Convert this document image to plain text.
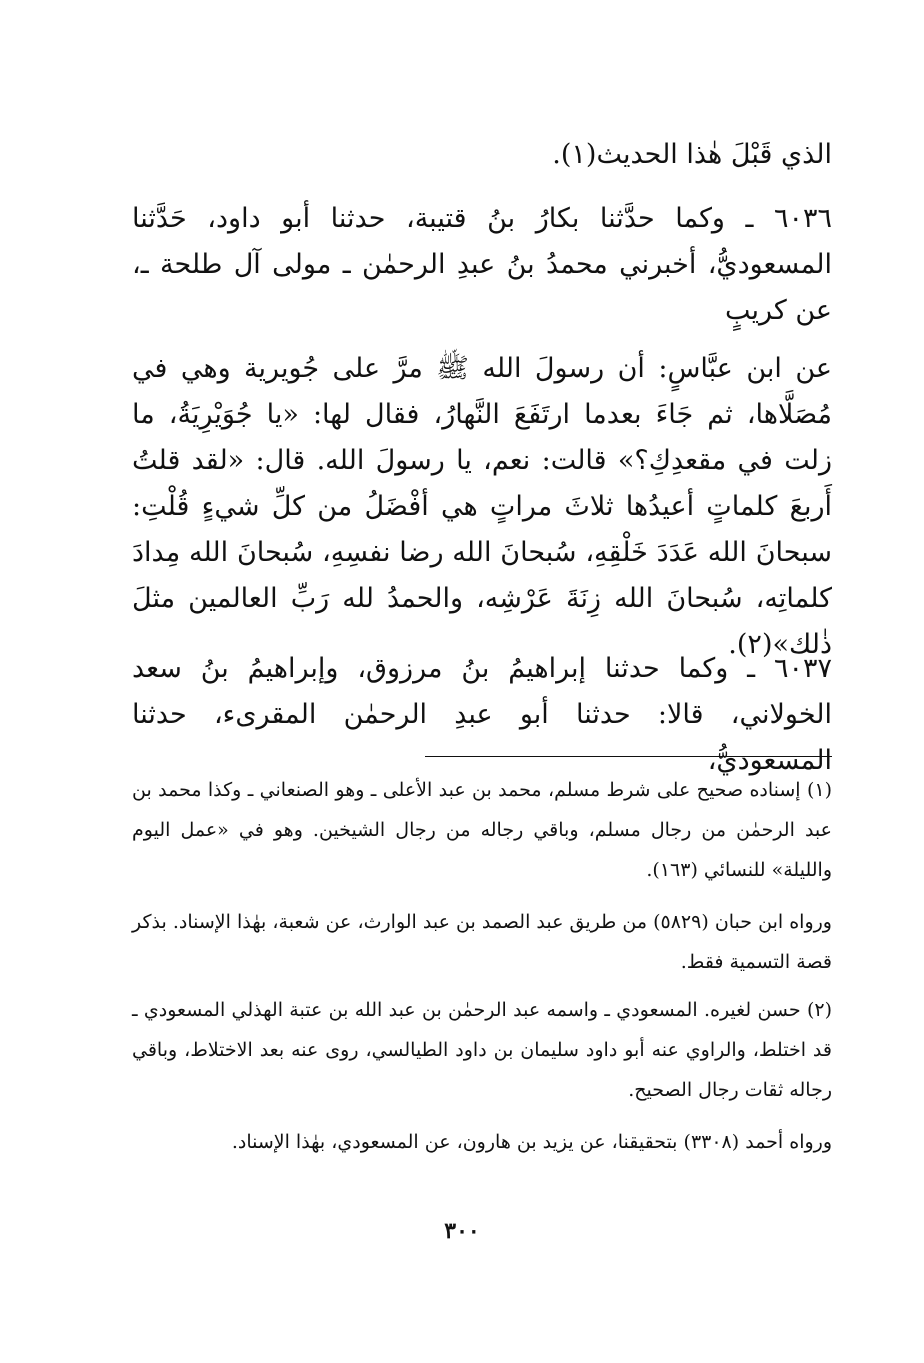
الذي قَبْلَ هٰذا الحديث(١).

٦٠٣٦ ـ وكما حدَّثنا بكارُ بنُ قتيبة، حدثنا أبو داود، حَدَّثنا المسعوديُّ، أخبرني محمدُ بنُ عبدِ الرحمٰن ـ مولى آل طلحة ـ، عن كريبٍ

عن ابن عبَّاسٍ: أن رسولَ الله ﷺ مرَّ على جُويرية وهي في مُصَلَّاها، ثم جَاءَ بعدما ارتَفَعَ النَّهارُ، فقال لها: «يا جُوَيْرِيَةُ، ما زلت في مقعدِكِ؟» قالت: نعم، يا رسولَ الله. قال: «لقد قلتُ أَربعَ كلماتٍ أعيدُها ثلاثَ مراتٍ هي أفْضَلُ من كلِّ شيءٍ قُلْتِ: سبحانَ الله عَدَدَ خَلْقِهِ، سُبحانَ الله رضا نفسِهِ، سُبحانَ الله مِدادَ كلماتِه، سُبحانَ الله زِنَةَ عَرْشِه، والحمدُ لله رَبِّ العالمين مثلَ ذٰلك»(٢).

٦٠٣٧ ـ وكما حدثنا إبراهيمُ بنُ مرزوق، وإبراهيمُ بنُ سعد الخولاني، قالا: حدثنا أبو عبدِ الرحمٰن المقرىء، حدثنا المسعوديُّ،

(١) إسناده صحيح على شرط مسلم، محمد بن عبد الأعلى ـ وهو الصنعاني ـ وكذا محمد بن عبد الرحمٰن من رجال مسلم، وباقي رجاله من رجال الشيخين. وهو في «عمل اليوم والليلة» للنسائي (١٦٣).

ورواه ابن حبان (٥٨٢٩) من طريق عبد الصمد بن عبد الوارث، عن شعبة، بهٰذا الإسناد. بذكر قصة التسمية فقط.

(٢) حسن لغيره. المسعودي ـ واسمه عبد الرحمٰن بن عبد الله بن عتبة الهذلي المسعودي ـ قد اختلط، والراوي عنه أبو داود سليمان بن داود الطيالسي، روى عنه بعد الاختلاط، وباقي رجاله ثقات رجال الصحيح.

ورواه أحمد (٣٣٠٨) بتحقيقنا، عن يزيد بن هارون، عن المسعودي، بهٰذا الإسناد.

٣٠٠
